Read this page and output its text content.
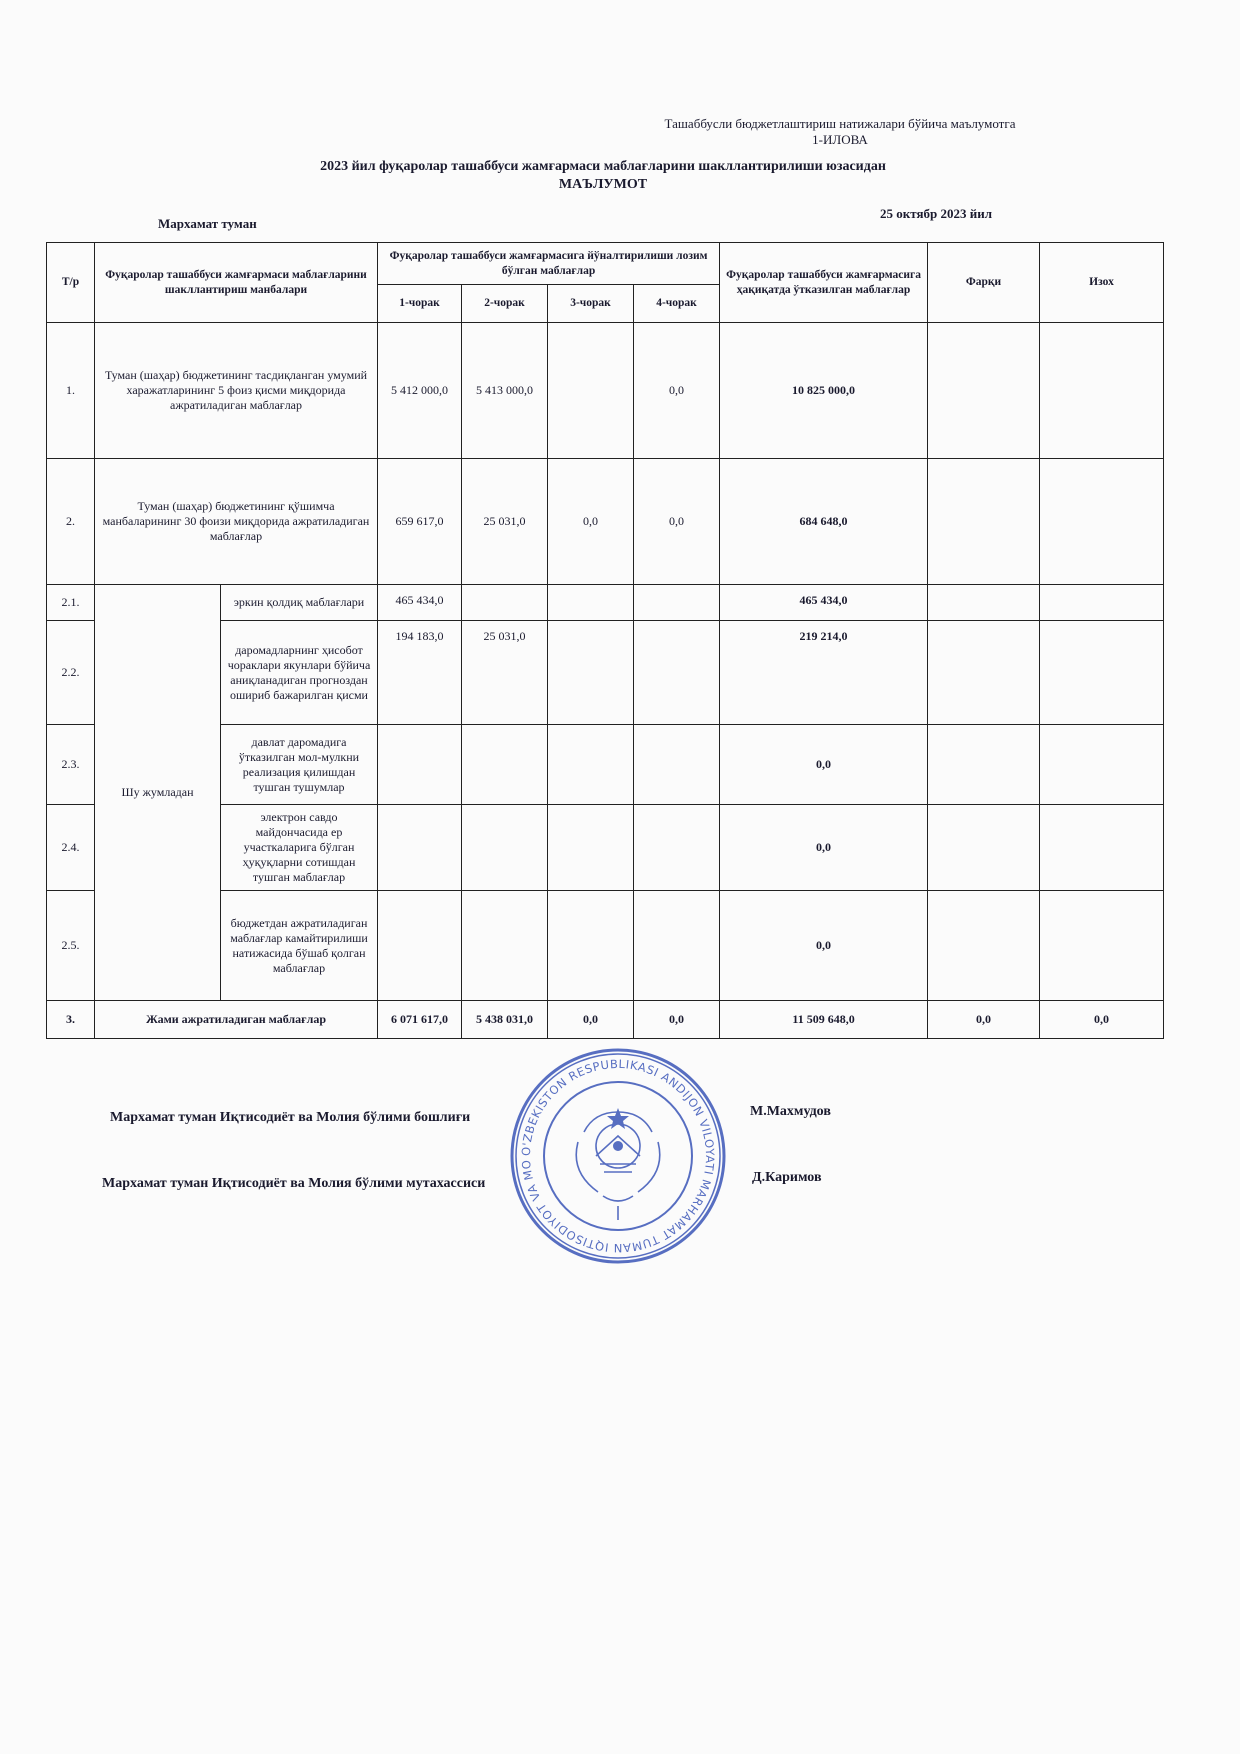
Ташаббусли бюджетлаштириш натижалари бўйича маълумотга
1-ИЛОВА
2023 йил фуқаролар ташаббуси жамғармаси маблағларини шакллантирилиши юзасидан
МАЪЛУМОТ
Мархамат туман
25 октябр 2023 йил
Т/р	Фуқаролар ташаббуси жамғармаси маблағларини шакллантириш манбалари		Фуқаролар ташаббуси жамғармасига йўналтирилиши лозим бўлган маблағлар				Фуқаролар ташаббуси жамғармасига ҳақиқатда ўтказилган маблағлар	Фарқи	Изох
			1-чорак	2-чорак	3-чорак	4-чорак			
1.	Туман (шаҳар) бюджетининг тасдиқланган умумий харажатларининг 5 фоиз қисми миқдорида ажратиладиган маблағлар		5 412 000,0	5 413 000,0		0,0	10 825 000,0		
2.	Туман (шаҳар) бюджетининг қўшимча манбаларининг 30 фоизи миқдорида ажратиладиган маблағлар		659 617,0	25 031,0	0,0	0,0	684 648,0		
2.1.	Шу жумладан	эркин қолдиқ маблағлари	465 434,0				465 434,0		
2.2.		даромадларнинг ҳисобот чораклари якунлари бўйича аниқланадиган прогноздан ошириб бажарилган қисми	194 183,0	25 031,0			219 214,0		
2.3.		давлат даромадига ўтказилган мол-мулкни реализация қилишдан тушган тушумлар					0,0		
2.4.		электрон савдо майдончасида ер участкаларига бўлган ҳуқуқларни сотишдан тушган маблағлар					0,0		
2.5.		бюджетдан ажратиладиган маблағлар камайтирилиши натижасида бўшаб қолган маблағлар					0,0		
3.	Жами ажратиладиган маблағлар		6 071 617,0	5 438 031,0	0,0	0,0	11 509 648,0	0,0	0,0
Мархамат туман Иқтисодиёт ва Молия бўлими бошлиғи	М.Махмудов
Мархамат туман Иқтисодиёт ва Молия бўлими мутахассиси	Д.Каримов
O'ZBEKISTON RESPUBLIKASI ANDIJON VILOYATI MARHAMAT TUMAN IQTISODIYOT VA MO
